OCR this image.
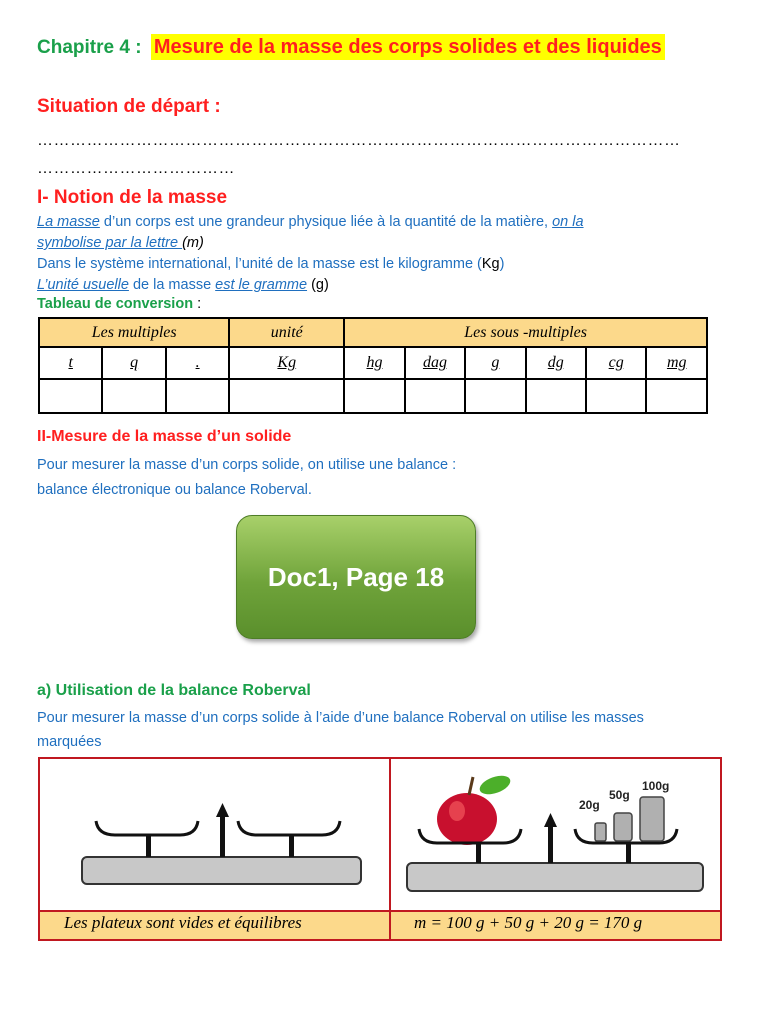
Chapitre 4 : Mesure de la masse des corps solides et des liquides
Situation de départ :
………………………………………………………………………………………………………
………………………………
I- Notion de la masse
La masse d’un corps est une grandeur physique liée à la quantité de la matière, on la
symbolise par la lettre (m)
Dans le système international, l’unité de la masse est le kilogramme (Kg)
L’unité usuelle de la masse est le gramme (g)
Tableau de conversion :
Les multiples			unité	Les sous -multiples					
t	q	.	Kg	hg	dag	g	dg	cg	mg

II-Mesure de la masse d’un solide
Pour mesurer la masse d’un corps solide, on utilise une balance :
balance électronique ou balance Roberval.
Doc1, Page 18
a) Utilisation de la balance Roberval
Pour mesurer la masse d’un corps solide à l’aide d’une balance Roberval on utilise les masses
marquées
20g
50g
100g
Les plateux sont vides et équilibres	m = 100 g + 50 g + 20 g = 170 g
